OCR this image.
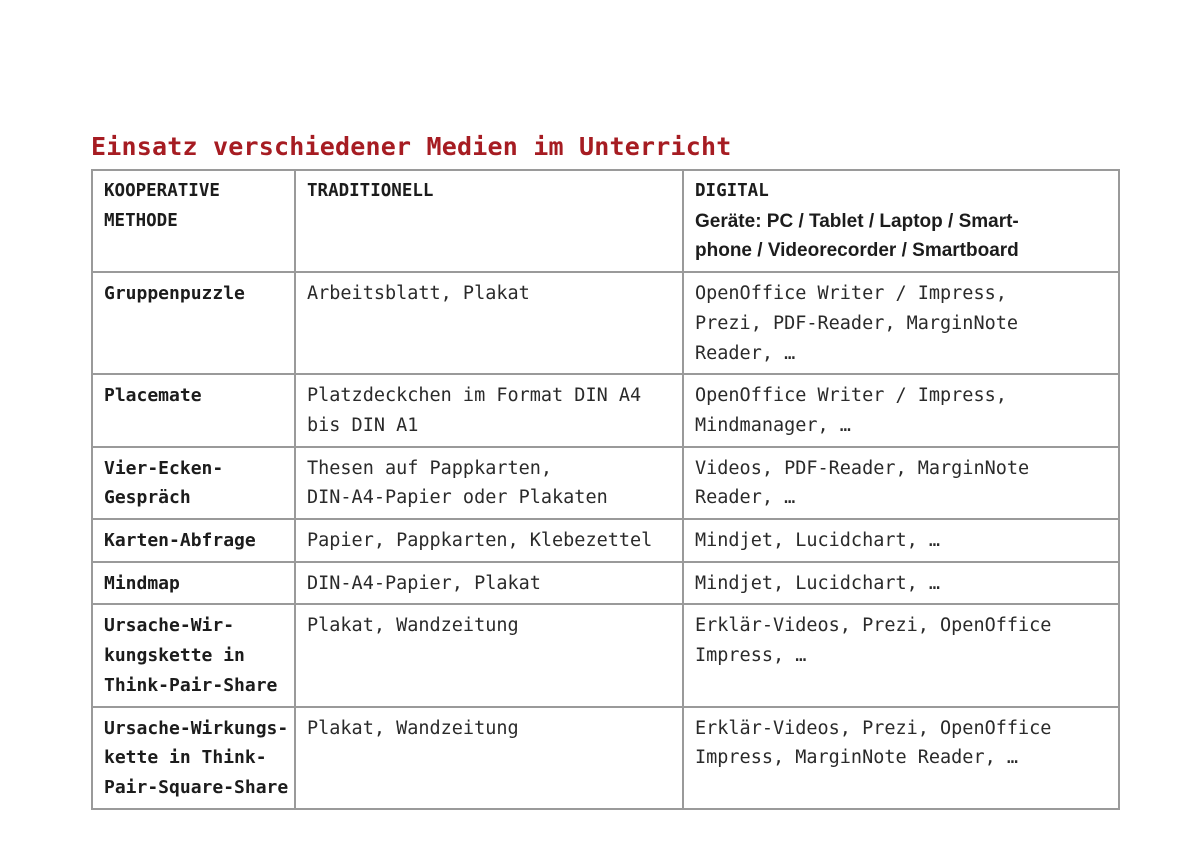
Einsatz verschiedener Medien im Unterricht
KOOPERATIVE
METHODE	TRADITIONELL	DIGITAL
Geräte: PC / Tablet / Laptop / Smart-
phone / Videorecorder / Smartboard

Gruppenpuzzle	Arbeitsblatt, Plakat	OpenOffice Writer / Impress,
Prezi, PDF-Reader, MarginNote
Reader, …

Placemate	Platzdeckchen im Format DIN A4
bis DIN A1	OpenOffice Writer / Impress,
Mindmanager, …

Vier-Ecken-
Gespräch	Thesen auf Pappkarten,
DIN-A4-Papier oder Plakaten	Videos, PDF-Reader, MarginNote
Reader, …

Karten-Abfrage	Papier, Pappkarten, Klebezettel	Mindjet, Lucidchart, …

Mindmap	DIN-A4-Papier, Plakat	Mindjet, Lucidchart, …

Ursache-Wir-
kungskette in
Think-Pair-Share	Plakat, Wandzeitung	Erklär-Videos, Prezi, OpenOffice
Impress, …

Ursache-Wirkungs-
kette in Think-
Pair-Square-Share	Plakat, Wandzeitung	Erklär-Videos, Prezi, OpenOffice
Impress, MarginNote Reader, …
